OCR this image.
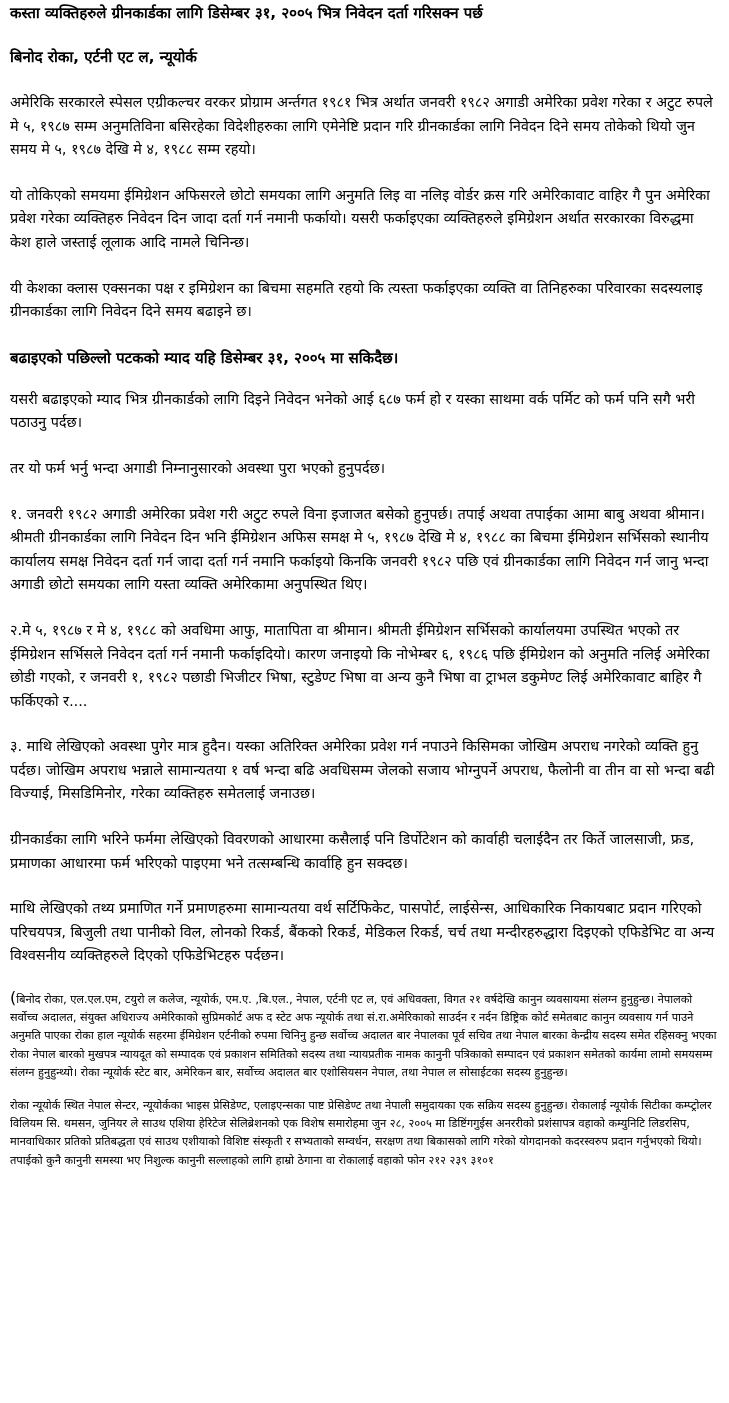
कस्ता व्यक्तिहरुले ग्रीनकार्डका लागि डिसेम्बर ३१, २००५ भित्र निवेदन दर्ता गरिसक्न पर्छ
बिनोद रोका, एर्टनी एट ल, न्यूयोर्क
अमेरिकि सरकारले स्पेसल एग्रीकल्चर वरकर प्रोग्राम अर्न्तगत १९८१ भित्र अर्थात जनवरी १९८२ अगाडी अमेरिका प्रवेश गरेका र अटुट रुपले मे ५, १९८७ सम्म अनुमतिविना बसिरहेका विदेशीहरुका लागि एमेनेष्टि प्रदान गरि ग्रीनकार्डका लागि निवेदन दिने समय तोकेको थियो जुन समय मे ५, १९८७ देखि मे ४, १९८८ सम्म रहयो।
यो तोकिएको समयमा ईमिग्रेशन अफिसरले छोटो समयका लागि अनुमति लिइ वा नलिइ वोर्डर क्रस गरि अमेरिकावाट वाहिर गै पुन अमेरिका प्रवेश गरेका व्यक्तिहरु निवेदन दिन जादा दर्ता गर्न नमानी फर्कायो। यसरी फर्काइएका व्यक्तिहरुले इमिग्रेशन अर्थात सरकारका विरुद्धमा केश हाले जस्ताई लूलाक आदि नामले चिनिन्छ।
यी केशका क्लास एक्सनका पक्ष र इमिग्रेशन का बिचमा सहमति रहयो कि त्यस्ता फर्काइएका व्यक्ति वा तिनिहरुका परिवारका सदस्यलाइ ग्रीनकार्डका लागि निवेदन दिने समय बढाइने छ।
बढाइएको पछिल्लो पटकको म्याद यहि डिसेम्बर ३१, २००५ मा सकिदैछ।
यसरी बढाइएको म्याद भित्र ग्रीनकार्डको लागि दिइने निवेदन भनेको आई ६८७ फर्म हो र यस्का साथमा वर्क पर्मिट को फर्म पनि सगै भरी पठाउनु पर्दछ।
तर यो फर्म भर्नु भन्दा अगाडी निम्नानुसारको अवस्था पुरा भएको हुनुपर्दछ।
१. जनवरी १९८२ अगाडी अमेरिका प्रवेश गरी अटुट रुपले विना इजाजत बसेको हुनुपर्छ। तपाई अथवा तपाईका आमा बाबु अथवा श्रीमान।श्रीमती ग्रीनकार्डका लागि निवेदन दिन भनि ईमिग्रेशन अफिस समक्ष मे ५, १९८७ देखि मे ४, १९८८ का बिचमा ईमिग्रेशन सर्भिसको स्थानीय कार्यालय समक्ष निवेदन दर्ता गर्न जादा दर्ता गर्न नमानि फर्काइयो किनकि जनवरी १९८२ पछि एवं ग्रीनकार्डका लागि निवेदन गर्न जानु भन्दा अगाडी छोटो समयका लागि यस्ता व्यक्ति अमेरिकामा अनुपस्थित थिए।
२.मे ५, १९८७ र मे ४, १९८८ को अवधिमा आफु, मातापिता वा श्रीमान। श्रीमती ईमिग्रेशन सर्भिसको कार्यालयमा उपस्थित भएको तर ईमिग्रेशन सर्भिसले निवेदन दर्ता गर्न नमानी फर्काइदियो। कारण जनाइयो कि नोभेम्बर ६, १९८६ पछि ईमिग्रेशन को अनुमति नलिई अमेरिका छोडी गएको, र जनवरी १, १९८२ पछाडी भिजीटर भिषा, स्टुडेण्ट भिषा वा अन्य कुनै भिषा वा ट्राभल डकुमेण्ट लिई अमेरिकावाट बाहिर गै फर्किएको र....
३. माथि लेखिएको अवस्था पुगेर मात्र हुदैन। यस्का अतिरिक्त अमेरिका प्रवेश गर्न नपाउने किसिमका जोखिम अपराध नगरेको व्यक्ति हुनु पर्दछ। जोखिम अपराध भन्नाले सामान्यतया १ वर्ष भन्दा बढि अवधिसम्म जेलको सजाय भोग्नुपर्ने अपराध, फैलोनी वा तीन वा सो भन्दा बढी विज्याई, मिसडिमिनोर, गरेका व्यक्तिहरु समेतलाई जनाउछ।
ग्रीनकार्डका लागि भरिने फर्ममा लेखिएको विवरणको आधारमा कसैलाई पनि डिर्पोटेशन को कार्वाही चलाईदैन तर किर्ते जालसाजी, फ्रड, प्रमाणका आधारमा फर्म भरिएको पाइएमा भने तत्सम्बन्धि कार्वाहि हुन सक्दछ।
माथि लेखिएको तथ्य प्रमाणित गर्ने प्रमाणहरुमा सामान्यतया वर्थ सर्टिफिकेट, पासपोर्ट, लाईसेन्स, आधिकारिक निकायबाट प्रदान गरिएको परिचयपत्र, बिजुली तथा पानीको विल, लोनको रिकर्ड, बैंकको रिकर्ड, मेडिकल रिकर्ड, चर्च तथा मन्दीरहरुद्धारा दिइएको एफिडेभिट वा अन्य विश्वसनीय व्यक्तिहरुले दिएको एफिडेभिटहरु पर्दछन।
(बिनोद रोका, एल.एल.एम, टयुरो ल कलेज, न्यूयोर्क, एम.ए. ,बि.एल., नेपाल, एर्टनी एट ल, एवं अधिवक्ता, विगत २१ वर्षदेखि कानुन व्यवसायमा संलग्न हुनुहुन्छ। नेपालको सर्वोच्च अदालत, संयुक्त अधिराज्य अमेरिकाको सुप्रिमकोर्ट अफ द स्टेट अफ न्यूयोर्क तथा सं.रा.अमेरिकाको साउर्दन र नर्दन डिष्ट्रिक कोर्ट समेतबाट कानुन व्यवसाय गर्न पाउने अनुमति पाएका रोका हाल न्यूयोर्क सहरमा ईमिग्रेशन एर्टनीको रुपमा चिनिनु हुन्छ सर्वोच्च अदालत बार नेपालका पूर्व सचिव तथा नेपाल बारका केन्द्रीय सदस्य समेत रहिसक्नु भएका रोका नेपाल बारको मुखपत्र न्यायदूत को सम्पादक एवं प्रकाशन समितिको सदस्य तथा न्यायप्रतीक नामक कानुनी पत्रिकाको सम्पादन एवं प्रकाशन समेतको कार्यमा लामो समयसम्म संलग्न हुनुहुन्थ्यो। रोका न्यूयोर्क स्टेट बार, अमेरिकन बार, सर्वोच्च अदालत बार एशोसियसन नेपाल, तथा नेपाल ल सोसाईटका सदस्य हुनुहुन्छ।
रोका न्यूयोर्क स्थित नेपाल सेन्टर, न्यूयोर्कका भाइस प्रेसिडेण्ट, एलाइएन्सका पाष्ट प्रेसिडेण्ट तथा नेपाली समुदायका एक सक्रिय सदस्य हुनुहुन्छ। रोकालाई न्यूयोर्क सिटीका कम्प्ट्रोलर विलियम सि. थमसन, जुनियर ले साउथ एशिया हेरिटेज सेलिब्रेशनको एक विशेष समारोहमा जुन २८, २००५ मा डिष्टिंगगुईस अनररीको प्रशंसापत्र वहाको कम्युनिटि लिडरसिप, मानवाधिकार प्रतिको प्रतिबद्धता एवं साउथ एशीयाको विशिष्ट संस्कृती र सभ्यताको सम्वर्धन, सरक्षण तथा बिकासको लागि गरेको योगदानको कदरस्वरुप प्रदान गर्नुभएको थियो। तपाईको कुनै कानुनी समस्या भए निशुल्क कानुनी सल्लाहको लागि हाम्रो ठेगाना वा रोकालाई वहाको फोन २१२ २३९ ३१०१
